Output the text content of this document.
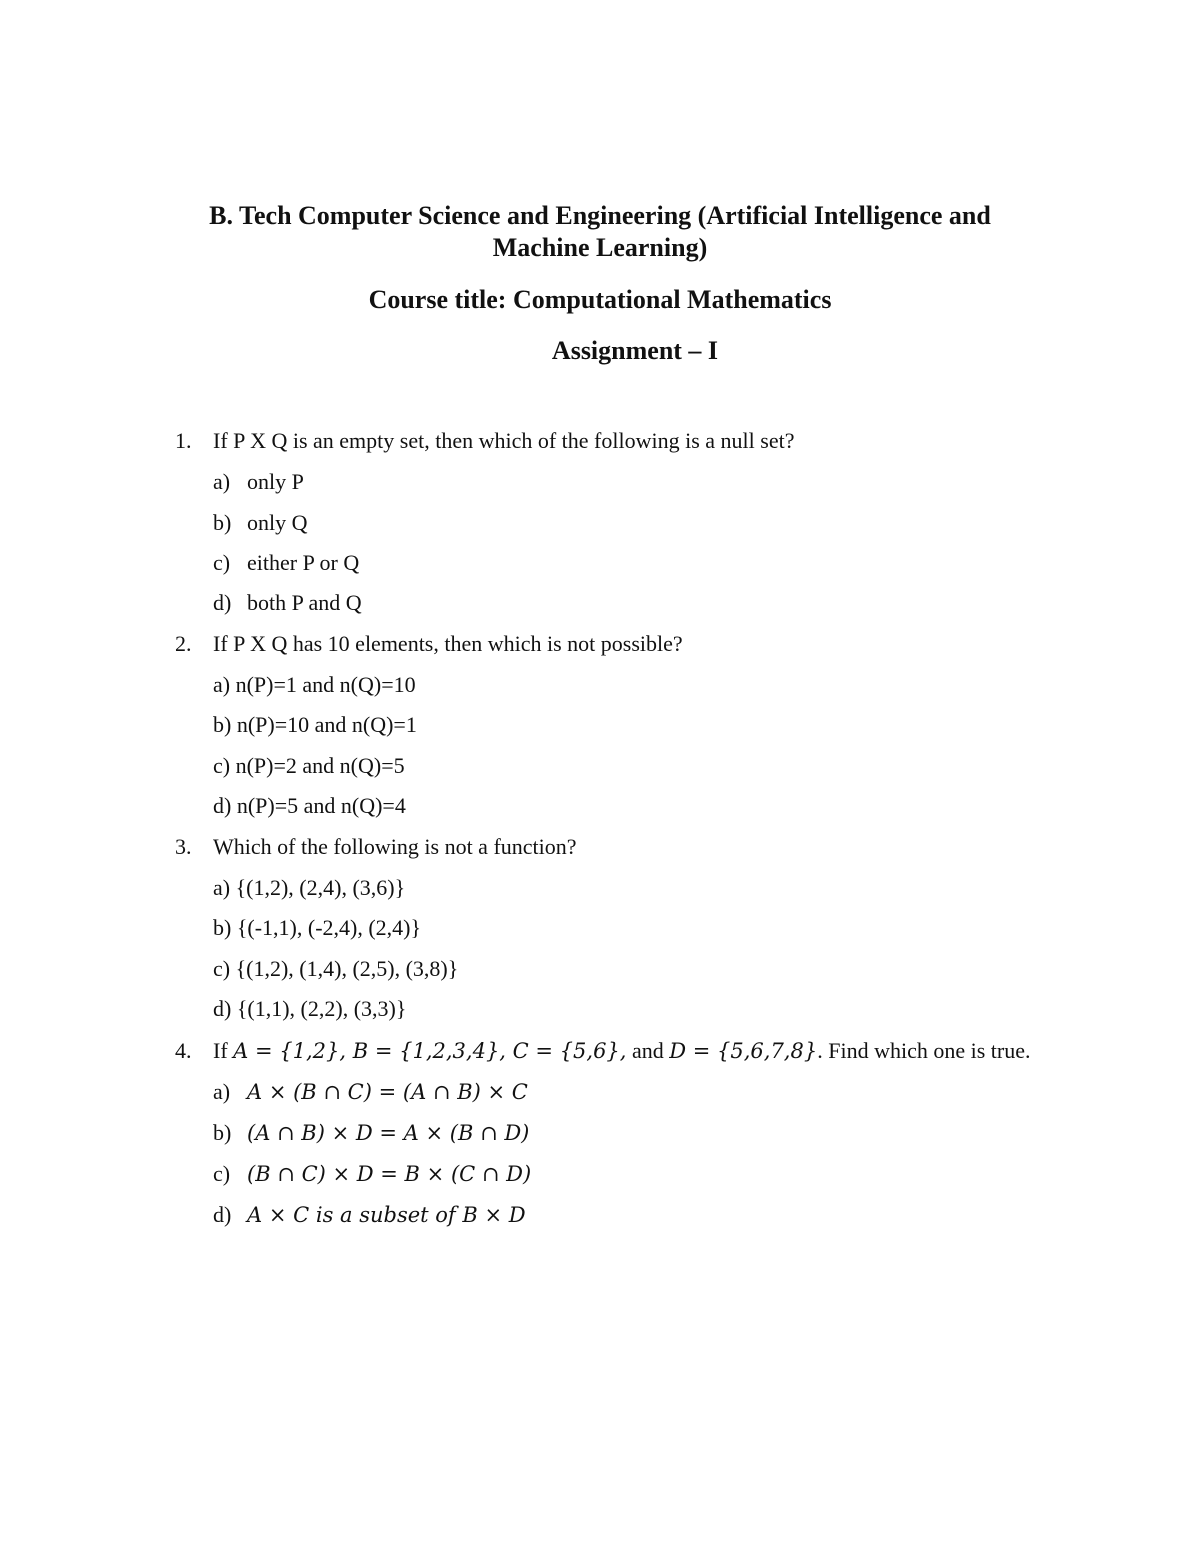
B. Tech Computer Science and Engineering (Artificial Intelligence and
Machine Learning)
Course title: Computational Mathematics
Assignment – I
1. If P X Q is an empty set, then which of the following is a null set?
a) only P
b) only Q
c) either P or Q
d) both P and Q
2. If P X Q has 10 elements, then which is not possible?
a) n(P)=1 and n(Q)=10
b) n(P)=10 and n(Q)=1
c) n(P)=2 and n(Q)=5
d) n(P)=5 and n(Q)=4
3. Which of the following is not a function?
a) {(1,2), (2,4), (3,6)}
b) {(-1,1), (-2,4), (2,4)}
c) {(1,2), (1,4), (2,5), (3,8)}
d) {(1,1), (2,2), (3,3)}
4. If A = {1,2}, B = {1,2,3,4}, C = {5,6}, and D = {5,6,7,8}. Find which one is true.
a) A × (B ∩ C) = (A ∩ B) × C
b) (A ∩ B) × D = A × (B ∩ D)
c) (B ∩ C) × D = B × (C ∩ D)
d) A × C is a subset of B × D
